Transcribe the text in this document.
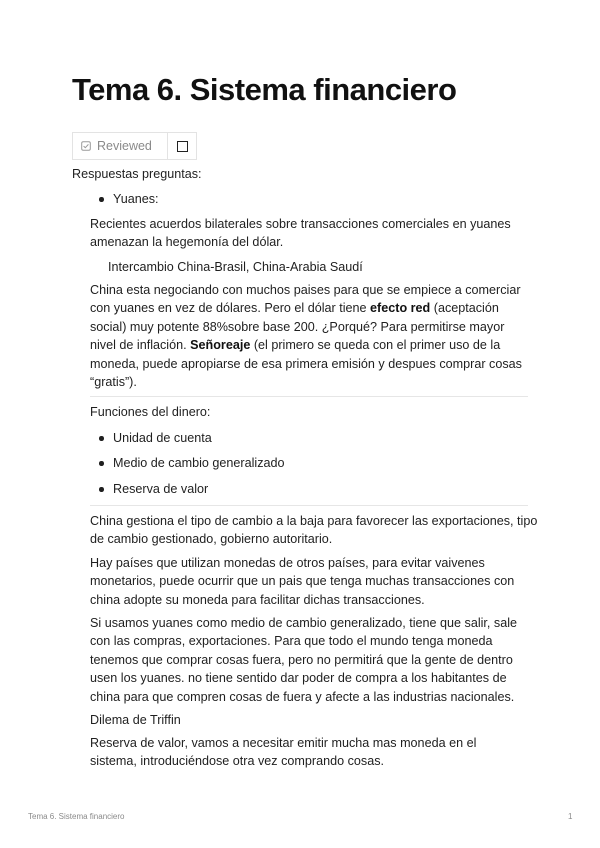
Tema 6. Sistema financiero
Reviewed

Respuestas preguntas:

Yuanes:

Recientes acuerdos bilaterales sobre transacciones comerciales en yuanes amenazan la hegemonía del dólar.

Intercambio China-Brasil, China-Arabia Saudí

China esta negociando con muchos paises para que se empiece a comerciar con yuanes en vez de dólares. Pero el dólar tiene efecto red (aceptación social) muy potente 88%sobre base 200. ¿Porqué? Para permitirse mayor nivel de inflación. Señoreaje (el primero se queda con el primer uso de la moneda, puede apropiarse de esa primera emisión y despues comprar cosas “gratis”).

Funciones del dinero:

Unidad de cuenta

Medio de cambio generalizado

Reserva de valor

China gestiona el tipo de cambio a la baja para favorecer las exportaciones, tipo de cambio gestionado, gobierno autoritario.

Hay países que utilizan monedas de otros países, para evitar vaivenes monetarios, puede ocurrir que un pais que tenga muchas transacciones con china adopte su moneda para facilitar dichas transacciones.

Si usamos yuanes como medio de cambio generalizado, tiene que salir, sale con las compras, exportaciones. Para que todo el mundo tenga moneda tenemos que comprar cosas fuera, pero no permitirá que la gente de dentro usen los yuanes. no tiene sentido dar poder de compra a los habitantes de china para que compren cosas de fuera y afecte a las industrias nacionales.

Dilema de Triffin

Reserva de valor, vamos a necesitar emitir mucha mas moneda en el sistema, introduciéndose otra vez comprando cosas.

Tema 6. Sistema financiero	1
